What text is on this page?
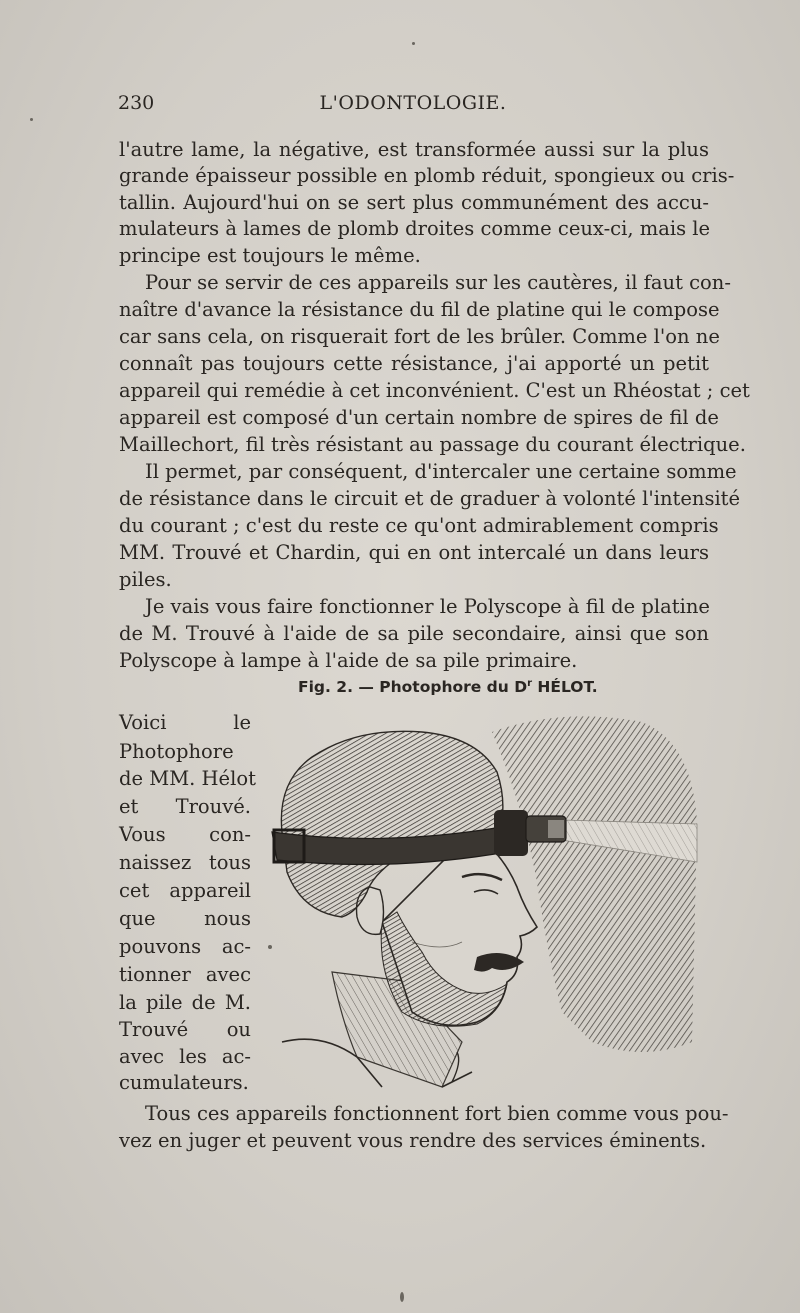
230	L'ODONTOLOGIE.
l'autre lame, la négative, est transformée aussi sur la plus
grande épaisseur possible en plomb réduit, spongieux ou cris-
tallin. Aujourd'hui on se sert plus communément des accu-
mulateurs à lames de plomb droites comme ceux-ci, mais le
principe est toujours le même.
Pour se servir de ces appareils sur les cautères, il faut con-
naître d'avance la résistance du fil de platine qui le compose
car sans cela, on risquerait fort de les brûler. Comme l'on ne
connaît pas toujours cette résistance, j'ai apporté un petit
appareil qui remédie à cet inconvénient. C'est un Rhéostat ; cet
appareil est composé d'un certain nombre de spires de fil de
Maillechort, fil très résistant au passage du courant électrique.
Il permet, par conséquent, d'intercaler une certaine somme
de résistance dans le circuit et de graduer à volonté l'intensité
du courant ; c'est du reste ce qu'ont admirablement compris
MM. Trouvé et Chardin, qui en ont intercalé un dans leurs
piles.
Je vais vous faire fonctionner le Polyscope à fil de platine
de M. Trouvé à l'aide de sa pile secondaire, ainsi que son
Polyscope à lampe à l'aide de sa pile primaire.
Fig. 2. — Photophore du $D^r$ HÉLOT.
Voici le
Photophore
de MM. Hélot
et Trouvé.
Vous con-
naissez tous
cet appareil
que nous
pouvons ac-
tionner avec
la pile de M.
Trouvé ou
avec les ac-
cumulateurs.
Tous ces appareils fonctionnent fort bien comme vous pou-
vez en juger et peuvent vous rendre des services éminents.
